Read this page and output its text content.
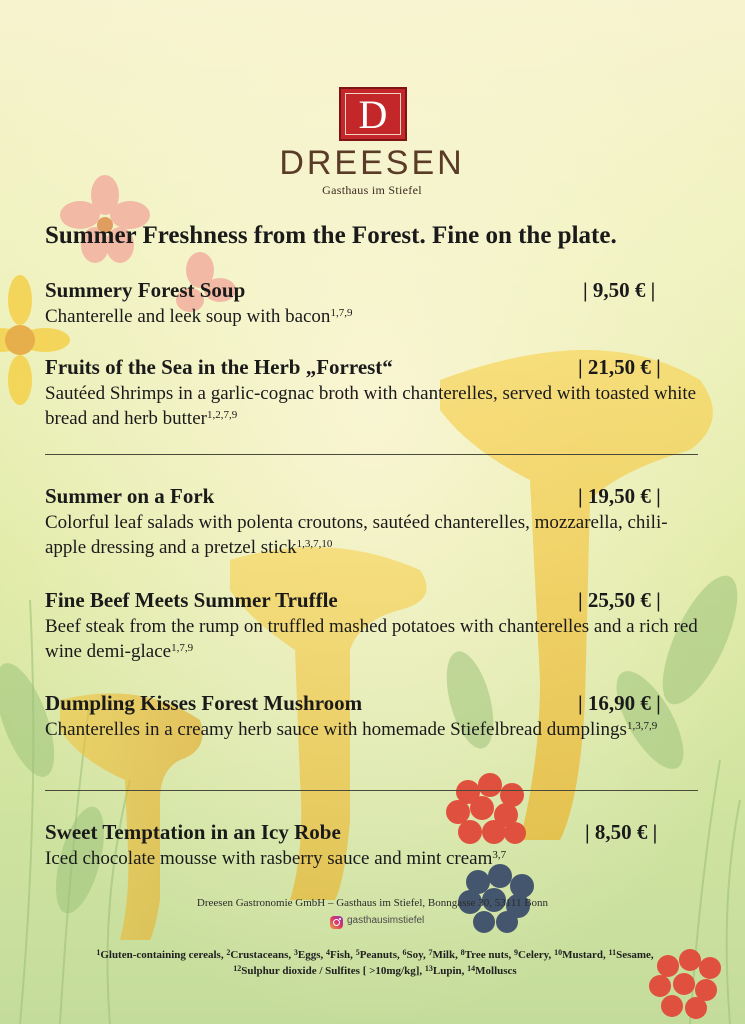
D
DREESEN
Gasthaus im Stiefel
Summer Freshness from the Forest. Fine on the plate.
Summery Forest Soup	| 9,50 € |
Chanterelle and leek soup with bacon$^{1,7,9}$
Fruits of the Sea in the Herb „Forrest“	| 21,50 € |
Sautéed Shrimps in a garlic-cognac broth with chanterelles, served with toasted white bread and herb butter$^{1,2,7,9}$
Summer on a Fork	| 19,50 € |
Colorful leaf salads with polenta croutons, sautéed chanterelles, mozzarella, chili-apple dressing and a pretzel stick$^{1,3,7,10}$
Fine Beef Meets Summer Truffle	| 25,50 € |
Beef steak from the rump on truffled mashed potatoes with chanterelles and a rich red wine demi-glace$^{1,7,9}$
Dumpling Kisses Forest Mushroom	| 16,90 € |
Chanterelles in a creamy herb sauce with homemade Stiefelbread dumplings$^{1,3,7,9}$
Sweet Temptation in an Icy Robe	| 8,50 € |
Iced chocolate mousse with rasberry sauce and mint cream$^{3,7}$
Dreesen Gastronomie GmbH – Gasthaus im Stiefel, Bonngasse 30, 53111 Bonn
gasthausimstiefel
$^1$Gluten-containing cereals, $^2$Crustaceans, $^3$Eggs, $^4$Fish, $^5$Peanuts, $^6$Soy, $^7$Milk, $^8$Tree nuts, $^9$Celery, $^{10}$Mustard, $^{11}$Sesame, $^{12}$Sulphur dioxide / Sulfites [ >10mg/kg], $^{13}$Lupin, $^{14}$Molluscs
